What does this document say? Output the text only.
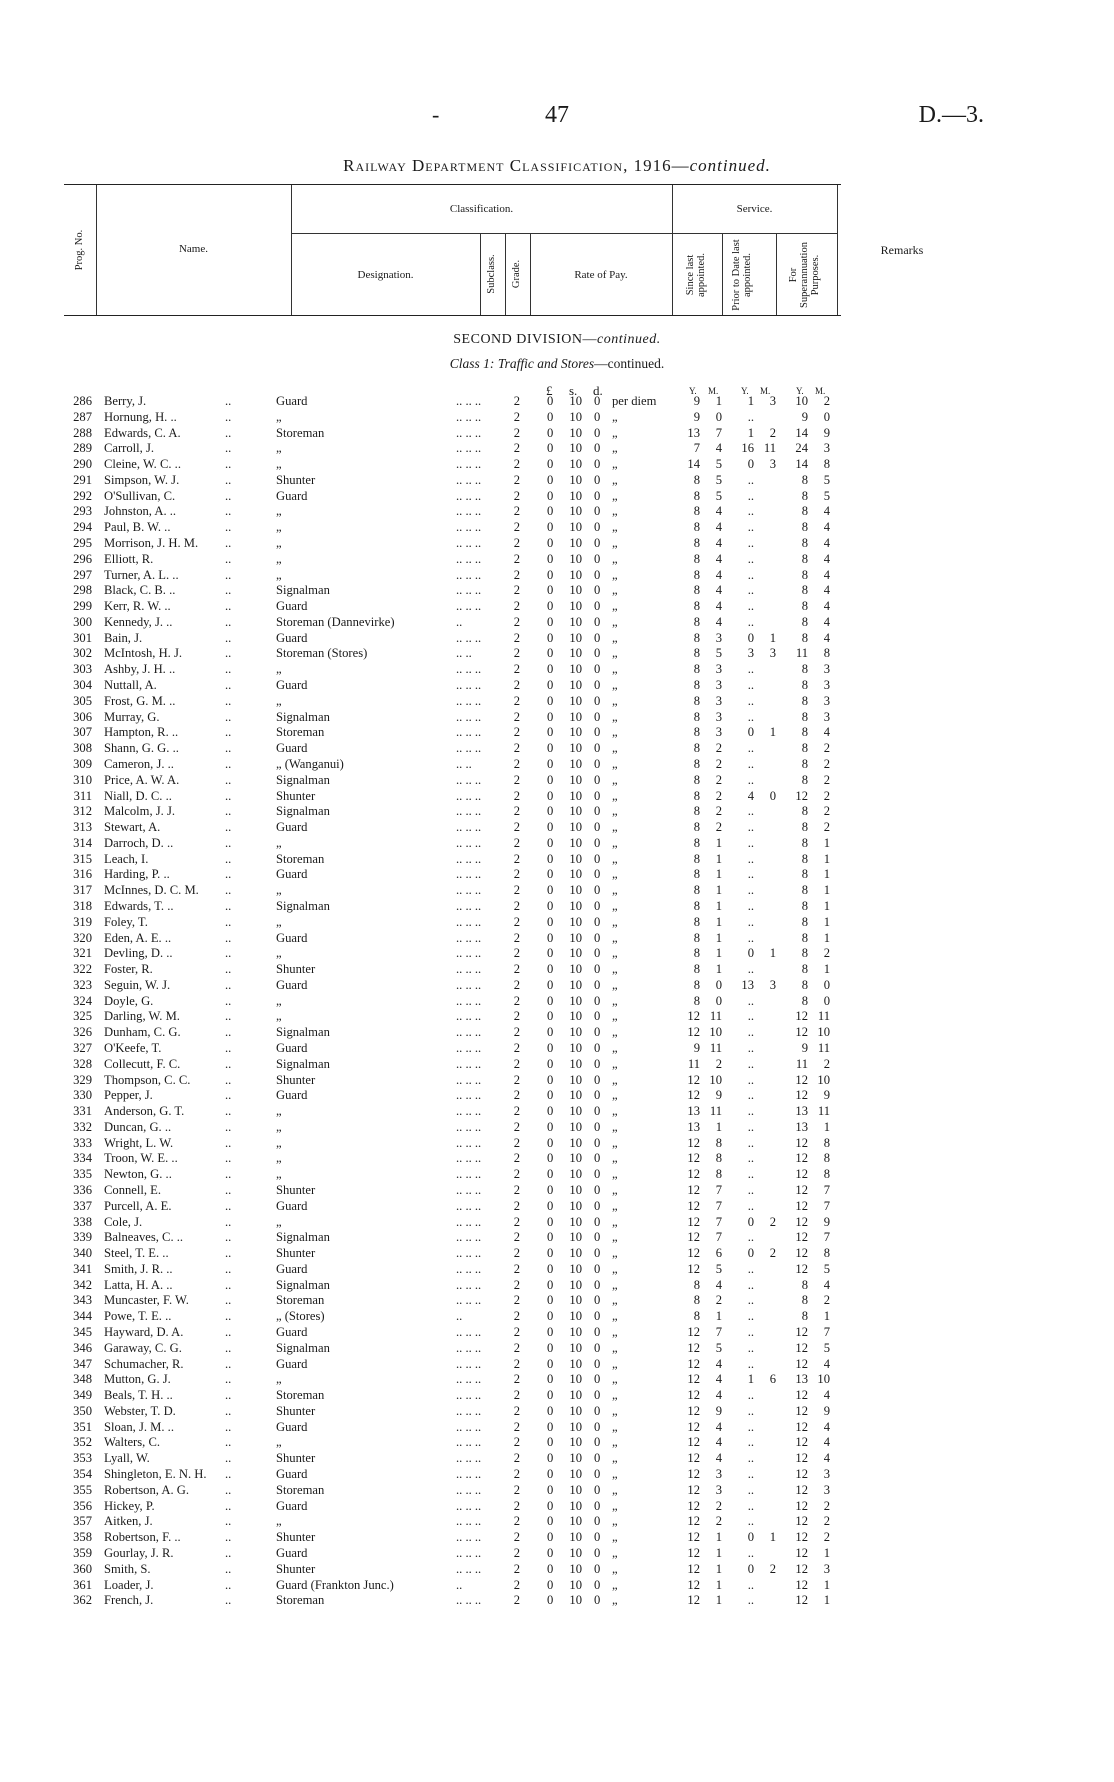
-	47	D.—3.
Railway Department Classification, 1916—continued.
Prog. No.	Name.
Classification.	Service.
Designation.	Subclass. Grade.	Rate of Pay.	Since last appointed. Prior to Date last appointed.	For Superannuation Purposes.
Remarks
SECOND DIVISION—continued.
Class 1: Traffic and Stores—continued.
£ s. d.	Y. M.	Y. M.	Y. M.
286 Berry, J.	..	Guard	.. .. ..	2 0 10 0 per diem	9	1	1	3	10	2
287 Hornung, H. ..	..	„	.. .. ..	2 0 10 0 „	9	0	..	9	0
288 Edwards, C. A.	..	Storeman	.. .. ..	2 0 10 0 „	13	7	1	2	14	9
289 Carroll, J.	..	„	.. .. ..	2 0 10 0 „	7	4	16 11	24	3
290 Cleine, W. C. ..	..	„	.. .. ..	2 0 10 0 „	14	5	0	3	14	8
291 Simpson, W. J.	..	Shunter	.. .. ..	2 0 10 0 „	8	5	..	8	5
292 O'Sullivan, C.	..	Guard	.. .. ..	2 0 10 0 „	8	5	..	8	5
293 Johnston, A. ..	..	„	.. .. ..	2 0 10 0 „	8	4	..	8	4
294 Paul, B. W. ..	..	„	.. .. ..	2 0 10 0 „	8	4	..	8	4
295 Morrison, J. H. M. ..	„	.. .. ..	2 0 10 0 „	8	4	..	8	4
296 Elliott, R.	..	„	.. .. ..	2 0 10 0 „	8	4	..	8	4
297 Turner, A. L. ..	..	„	.. .. ..	2 0 10 0 „	8	4	..	8	4
298 Black, C. B. ..	..	Signalman	.. .. ..	2 0 10 0 „	8	4	..	8	4
299 Kerr, R. W. ..	..	Guard	.. .. ..	2 0 10 0 „	8	4	..	8	4
300 Kennedy, J. ..	..	Storeman (Dannevirke)	..	2 0 10 0 „	8	4	..	8	4
301 Bain, J.	..	Guard	.. .. ..	2 0 10 0 „	8	3	0	1	8	4
302 McIntosh, H. J.	..	Storeman (Stores)	.. ..	2 0 10 0 „	8	5	3	3	11	8
303 Ashby, J. H. ..	..	„	.. .. ..	2 0 10 0 „	8	3	..	8	3
304 Nuttall, A.	..	Guard	.. .. ..	2 0 10 0 „	8	3	..	8	3
305 Frost, G. M. ..	..	„	.. .. ..	2 0 10 0 „	8	3	..	8	3
306 Murray, G.	..	Signalman	.. .. ..	2 0 10 0 „	8	3	..	8	3
307 Hampton, R. ..	..	Storeman	.. .. ..	2 0 10 0 „	8	3	0	1	8	4
308 Shann, G. G. ..	..	Guard	.. .. ..	2 0 10 0 „	8	2	..	8	2
309 Cameron, J. ..	..	„ (Wanganui)	.. ..	2 0 10 0 „	8	2	..	8	2
310 Price, A. W. A.	..	Signalman	.. .. ..	2 0 10 0 „	8	2	..	8	2
311 Niall, D. C. ..	..	Shunter	.. .. ..	2 0 10 0 „	8	2	4	0	12	2
312 Malcolm, J. J.	..	Signalman	.. .. ..	2 0 10 0 „	8	2	..	8	2
313 Stewart, A.	..	Guard	.. .. ..	2 0 10 0 „	8	2	..	8	2
314 Darroch, D. ..	..	„	.. .. ..	2 0 10 0 „	8	1	..	8	1
315 Leach, I.	..	Storeman	.. .. ..	2 0 10 0 „	8	1	..	8	1
316 Harding, P. ..	..	Guard	.. .. ..	2 0 10 0 „	8	1	..	8	1
317 McInnes, D. C. M. ..	„	.. .. ..	2 0 10 0 „	8	1	..	8	1
318 Edwards, T. ..	..	Signalman	.. .. ..	2 0 10 0 „	8	1	..	8	1
319 Foley, T.	..	„	.. .. ..	2 0 10 0 „	8	1	..	8	1
320 Eden, A. E. ..	..	Guard	.. .. ..	2 0 10 0 „	8	1	..	8	1
321 Devling, D. ..	..	„	.. .. ..	2 0 10 0 „	8	1	0	1	8	2
322 Foster, R.	..	Shunter	.. .. ..	2 0 10 0 „	8	1	..	8	1
323 Seguin, W. J.	..	Guard	.. .. ..	2 0 10 0 „	8	0	13	3	8	0
324 Doyle, G.	..	„	.. .. ..	2 0 10 0 „	8	0	..	8	0
325 Darling, W. M.	..	„	.. .. ..	2 0 10 0 „	12 11	..	12 11
326 Dunham, C. G.	..	Signalman	.. .. ..	2 0 10 0 „	12 10	..	12 10
327 O'Keefe, T.	..	Guard	.. .. ..	2 0 10 0 „	9 11	..	9 11
328 Collecutt, F. C.	..	Signalman	.. .. ..	2 0 10 0 „	11	2	..	11	2
329 Thompson, C. C.	..	Shunter	.. .. ..	2 0 10 0 „	12 10	..	12 10
330 Pepper, J.	..	Guard	.. .. ..	2 0 10 0 „	12	9	..	12	9
331 Anderson, G. T.	..	„	.. .. ..	2 0 10 0 „	13 11	..	13 11
332 Duncan, G. ..	..	„	.. .. ..	2 0 10 0 „	13	1	..	13	1
333 Wright, L. W.	..	„	.. .. ..	2 0 10 0 „	12	8	..	12	8
334 Troon, W. E. ..	..	„	.. .. ..	2 0 10 0 „	12	8	..	12	8
335 Newton, G. ..	..	„	.. .. ..	2 0 10 0 „	12	8	..	12	8
336 Connell, E.	..	Shunter	.. .. ..	2 0 10 0 „	12	7	..	12	7
337 Purcell, A. E.	..	Guard	.. .. ..	2 0 10 0 „	12	7	..	12	7
338 Cole, J.	..	„	.. .. ..	2 0 10 0 „	12	7	0	2	12	9
339 Balneaves, C. ..	..	Signalman	.. .. ..	2 0 10 0 „	12	7	..	12	7
340 Steel, T. E. ..	..	Shunter	.. .. ..	2 0 10 0 „	12	6	0	2	12	8
341 Smith, J. R. ..	..	Guard	.. .. ..	2 0 10 0 „	12	5	..	12	5
342 Latta, H. A. ..	..	Signalman	.. .. ..	2 0 10 0 „	8	4	..	8	4
343 Muncaster, F. W.	..	Storeman	.. .. ..	2 0 10 0 „	8	2	..	8	2
344 Powe, T. E. ..	..	„ (Stores)	..	2 0 10 0 „	8	1	..	8	1
345 Hayward, D. A.	..	Guard	.. .. ..	2 0 10 0 „	12	7	..	12	7
346 Garaway, C. G.	..	Signalman	.. .. ..	2 0 10 0 „	12	5	..	12	5
347 Schumacher, R.	..	Guard	.. .. ..	2 0 10 0 „	12	4	..	12	4
348 Mutton, G. J.	..	„	.. .. ..	2 0 10 0 „	12	4	1	6	13 10
349 Beals, T. H. ..	..	Storeman	.. .. ..	2 0 10 0 „	12	4	..	12	4
350 Webster, T. D.	..	Shunter	.. .. ..	2 0 10 0 „	12	9	..	12	9
351 Sloan, J. M. ..	..	Guard	.. .. ..	2 0 10 0 „	12	4	..	12	4
352 Walters, C.	..	„	.. .. ..	2 0 10 0 „	12	4	..	12	4
353 Lyall, W.	..	Shunter	.. .. ..	2 0 10 0 „	12	4	..	12	4
354 Shingleton, E. N. H. ..	Guard	.. .. ..	2 0 10 0 „	12	3	..	12	3
355 Robertson, A. G.	..	Storeman	.. .. ..	2 0 10 0 „	12	3	..	12	3
356 Hickey, P.	..	Guard	.. .. ..	2 0 10 0 „	12	2	..	12	2
357 Aitken, J.	..	„	.. .. ..	2 0 10 0 „	12	2	..	12	2
358 Robertson, F. ..	..	Shunter	.. .. ..	2 0 10 0 „	12	1	0	1	12	2
359 Gourlay, J. R.	..	Guard	.. .. ..	2 0 10 0 „	12	1	..	12	1
360 Smith, S.	..	Shunter	.. .. ..	2 0 10 0 „	12	1	0	2	12	3
361 Loader, J.	..	Guard (Frankton Junc.)	..	2 0 10 0 „	12	1	..	12	1
362 French, J.	..	Storeman	.. .. ..	2 0 10 0 „	12	1	..	12	1
